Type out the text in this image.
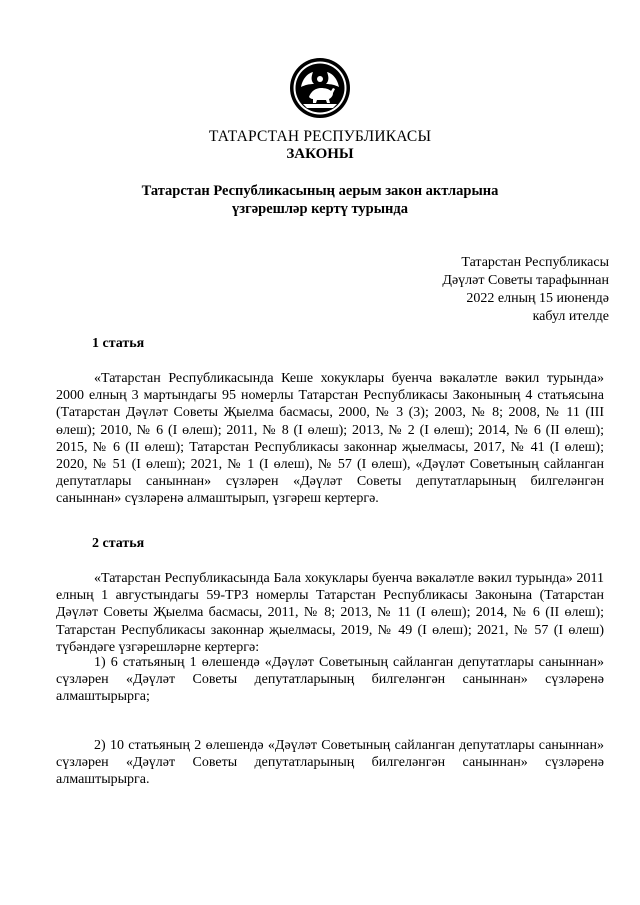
ТАТАРСТАН РЕСПУБЛИКАСЫ

ЗАКОНЫ

Татарстан Республикасының аерым закон актларына

үзгәрешләр кертү турында

Татарстан Республикасы

Дәүләт Советы тарафыннан

2022 елның 15 июнендә

кабул ителде

1 статья

«Татарстан Республикасында Кеше хокуклары буенча вәкаләтле вәкил турында» 2000 елның 3 мартындагы 95 номерлы Татарстан Республикасы Законының 4 статьясына (Татарстан Дәүләт Советы Җыелма басмасы, 2000, № 3 (3); 2003, № 8; 2008, № 11 (III өлеш); 2010, № 6 (I өлеш); 2011, № 8 (I өлеш); 2013, № 2 (I өлеш); 2014, № 6 (II өлеш); 2015, № 6 (II өлеш); Татарстан Республикасы законнар җыелмасы, 2017, № 41 (I өлеш); 2020, № 51 (I өлеш); 2021, № 1 (I өлеш), № 57 (I өлеш), «Дәүләт Советының сайланган депутатлары саныннан» сүзләрен «Дәүләт Советы депутатларының билгеләнгән саныннан» сүзләренә алмаштырып, үзгәреш кертергә.

2 статья

«Татарстан Республикасында Бала хокуклары буенча вәкаләтле вәкил турында» 2011 елның 1 августындагы 59-ТРЗ номерлы Татарстан Республикасы Законына (Татарстан Дәүләт Советы Җыелма басмасы, 2011, № 8; 2013, № 11 (I өлеш); 2014, № 6 (II өлеш); Татарстан Республикасы законнар җыелмасы, 2019, № 49 (I өлеш); 2021, № 57 (I өлеш) түбәндәге үзгәрешләрне кертергә:

1) 6 статьяның 1 өлешендә «Дәүләт Советының сайланган депутатлары саныннан» сүзләрен «Дәүләт Советы депутатларының билгеләнгән саныннан» сүзләренә алмаштырырга;

2) 10 статьяның 2 өлешендә «Дәүләт Советының сайланган депутатлары саныннан» сүзләрен «Дәүләт Советы депутатларының билгеләнгән саныннан» сүзләренә алмаштырырга.
